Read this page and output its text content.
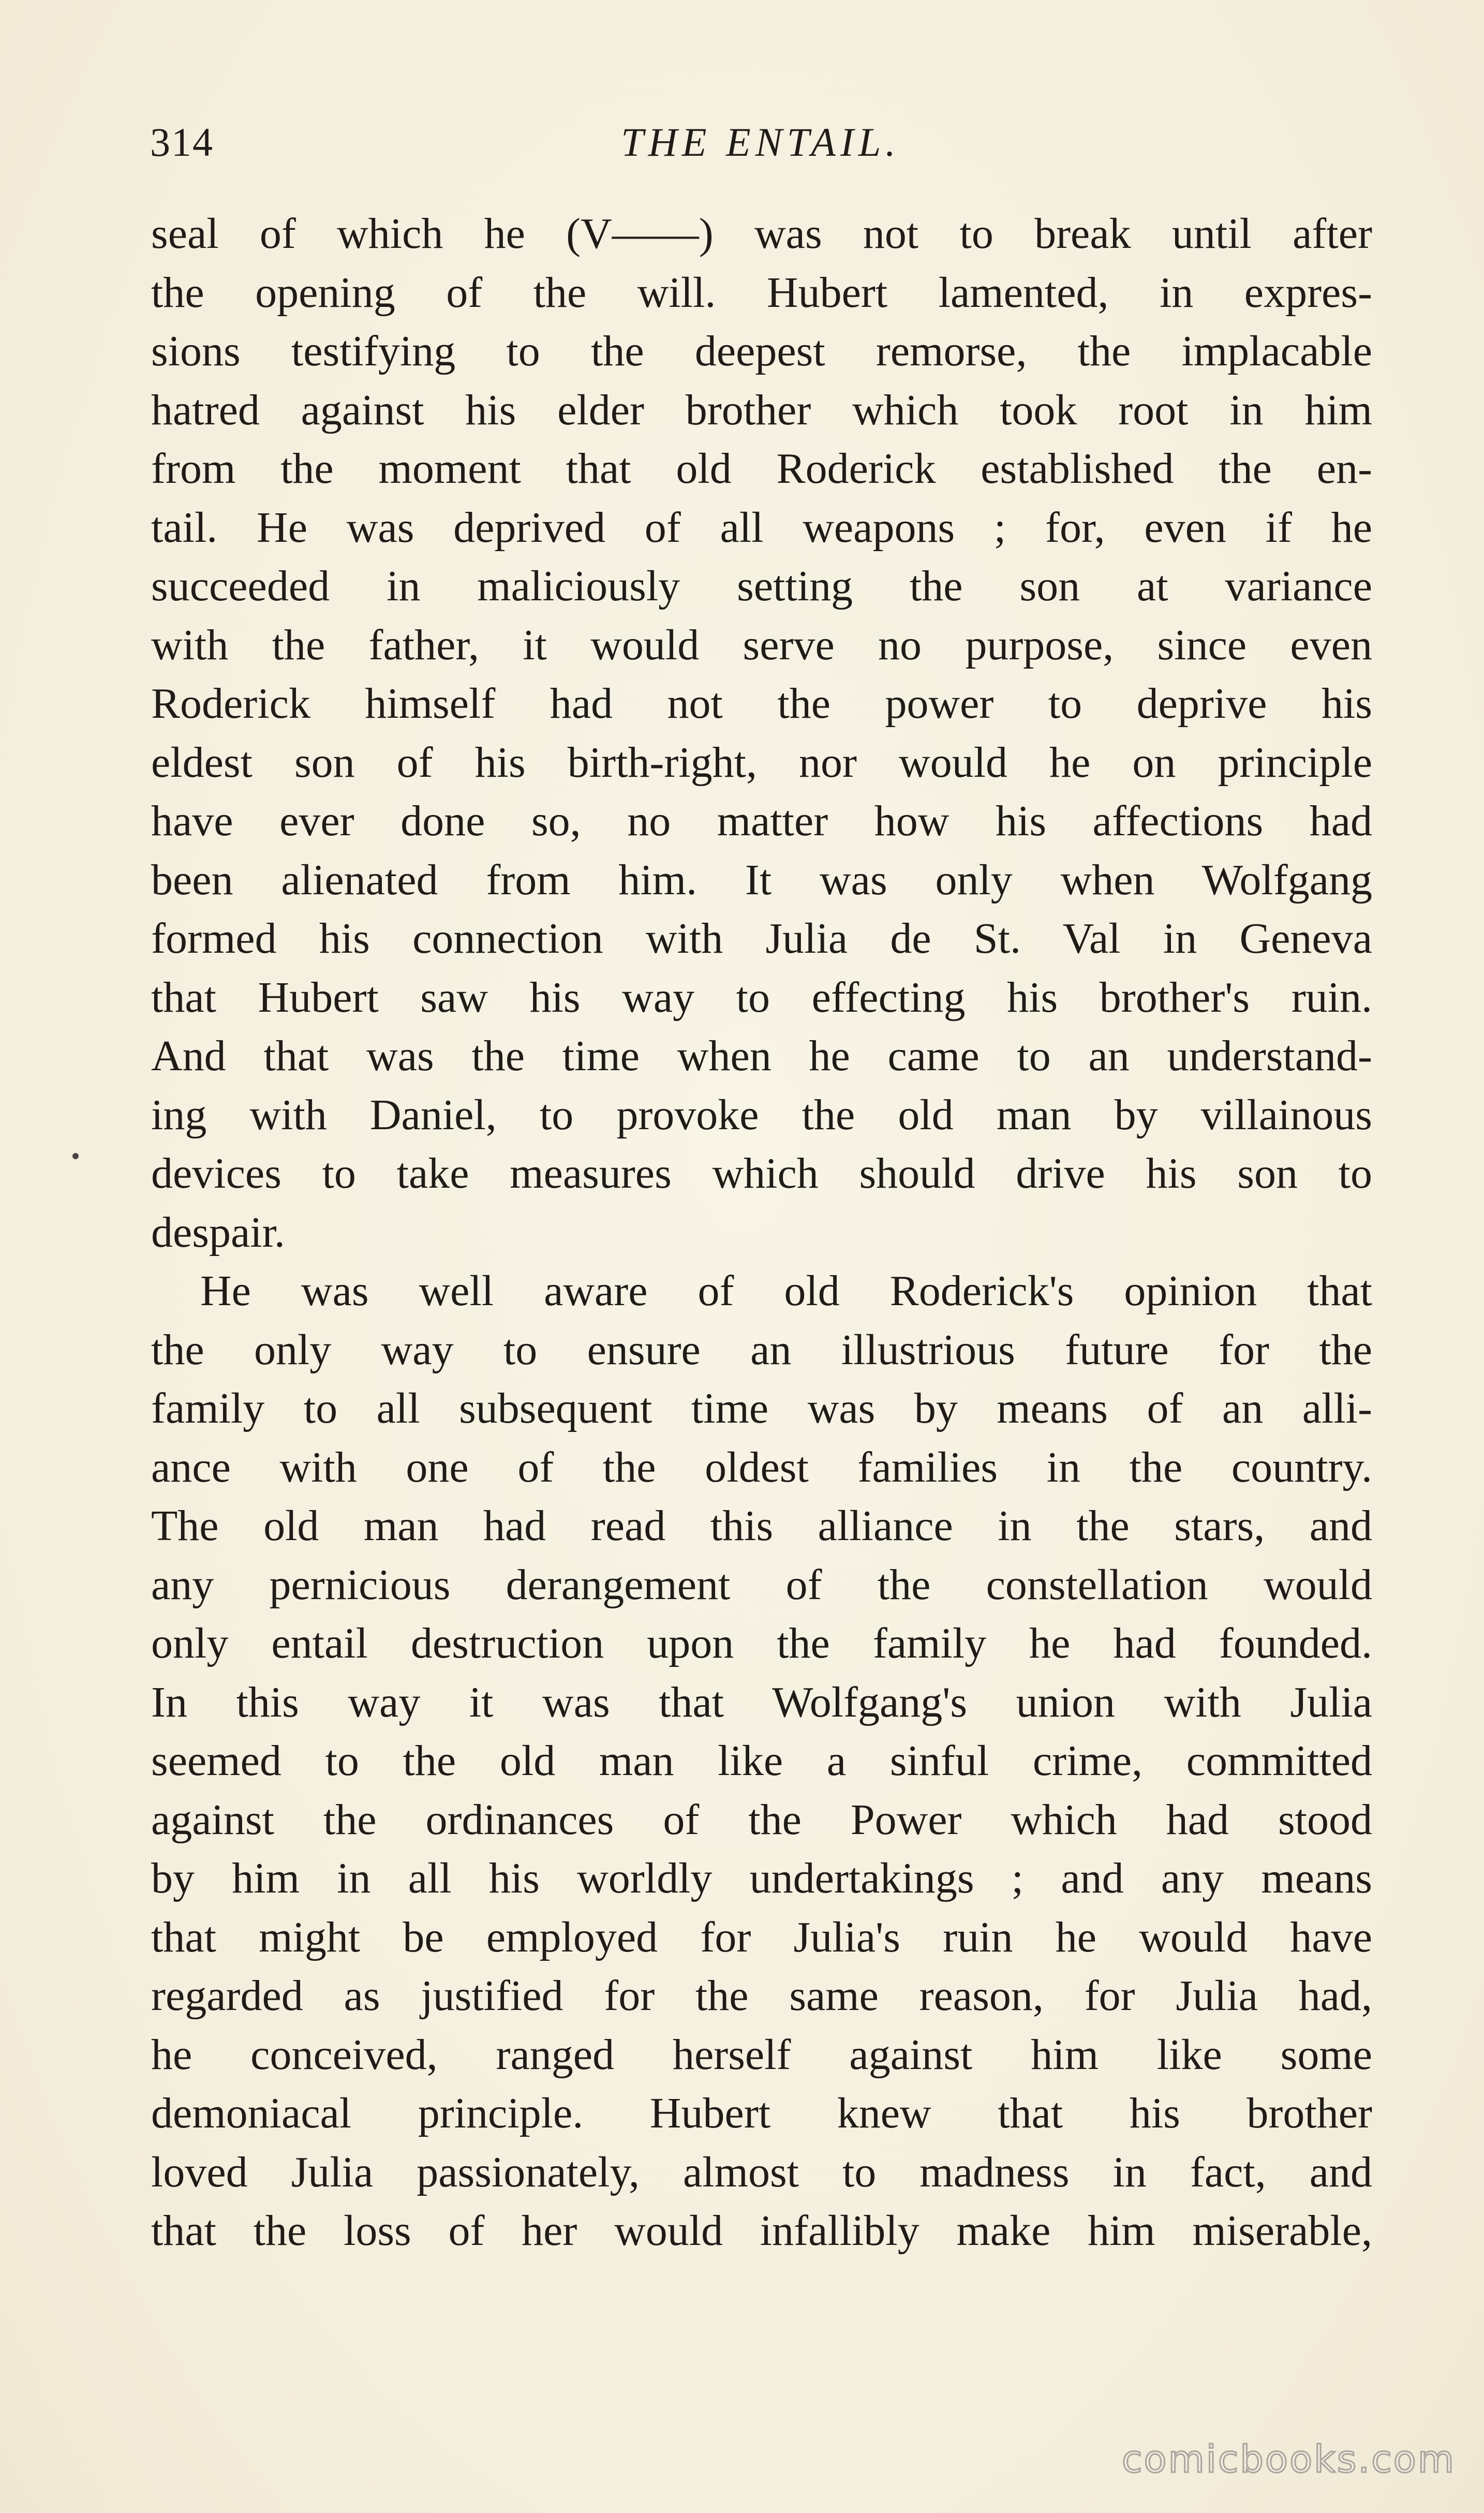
314	THE ENTAIL.
seal of which he (V——) was not to break until after
the opening of the will. Hubert lamented, in expres-
sions testifying to the deepest remorse, the implacable
hatred against his elder brother which took root in him
from the moment that old Roderick established the en-
tail. He was deprived of all weapons ; for, even if he
succeeded in maliciously setting the son at variance
with the father, it would serve no purpose, since even
Roderick himself had not the power to deprive his
eldest son of his birth-right, nor would he on principle
have ever done so, no matter how his affections had
been alienated from him. It was only when Wolfgang
formed his connection with Julia de St. Val in Geneva
that Hubert saw his way to effecting his brother's ruin.
And that was the time when he came to an understand-
ing with Daniel, to provoke the old man by villainous
devices to take measures which should drive his son to
despair.
He was well aware of old Roderick's opinion that
the only way to ensure an illustrious future for the
family to all subsequent time was by means of an alli-
ance with one of the oldest families in the country.
The old man had read this alliance in the stars, and
any pernicious derangement of the constellation would
only entail destruction upon the family he had founded.
In this way it was that Wolfgang's union with Julia
seemed to the old man like a sinful crime, committed
against the ordinances of the Power which had stood
by him in all his worldly undertakings ; and any means
that might be employed for Julia's ruin he would have
regarded as justified for the same reason, for Julia had,
he conceived, ranged herself against him like some
demoniacal principle. Hubert knew that his brother
loved Julia passionately, almost to madness in fact, and
that the loss of her would infallibly make him miserable,
comicbooks.com
